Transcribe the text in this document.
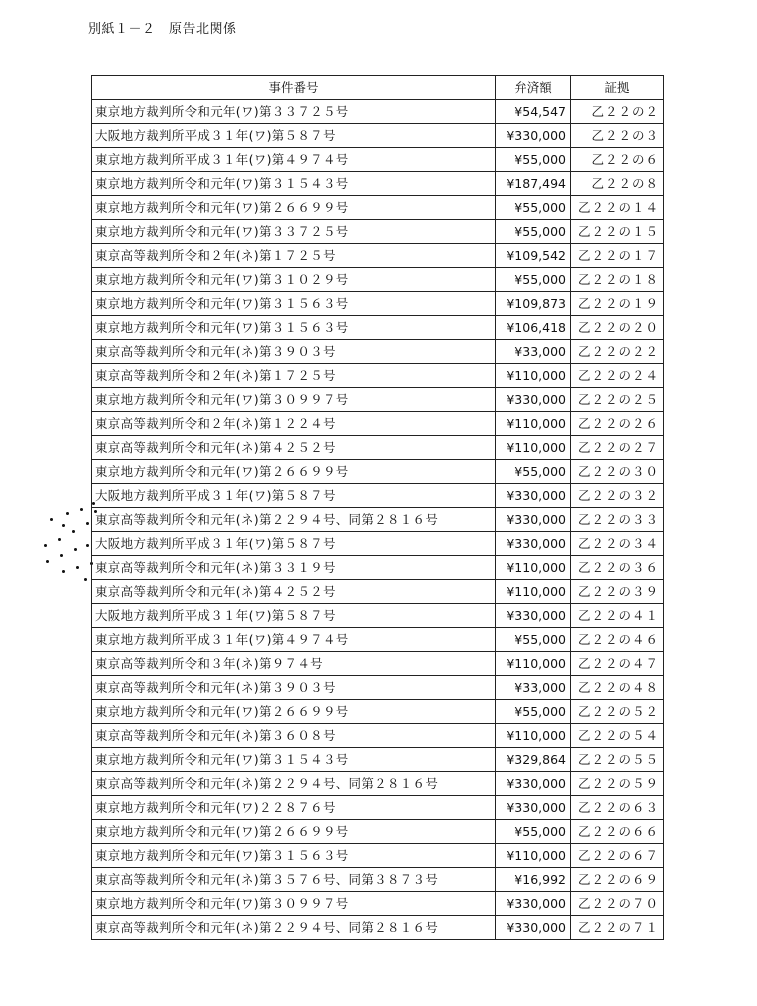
別紙１－２　原告北関係
事件番号	弁済額	証拠
東京地方裁判所令和元年(ワ)第３３７２５号	¥54,547	乙２２の２
大阪地方裁判所平成３１年(ワ)第５８７号	¥330,000	乙２２の３
東京地方裁判所平成３１年(ワ)第４９７４号	¥55,000	乙２２の６
東京地方裁判所令和元年(ワ)第３１５４３号	¥187,494	乙２２の８
東京地方裁判所令和元年(ワ)第２６６９９号	¥55,000	乙２２の１４
東京地方裁判所令和元年(ワ)第３３７２５号	¥55,000	乙２２の１５
東京高等裁判所令和２年(ネ)第１７２５号	¥109,542	乙２２の１７
東京地方裁判所令和元年(ワ)第３１０２９号	¥55,000	乙２２の１８
東京地方裁判所令和元年(ワ)第３１５６３号	¥109,873	乙２２の１９
東京地方裁判所令和元年(ワ)第３１５６３号	¥106,418	乙２２の２０
東京高等裁判所令和元年(ネ)第３９０３号	¥33,000	乙２２の２２
東京高等裁判所令和２年(ネ)第１７２５号	¥110,000	乙２２の２４
東京地方裁判所令和元年(ワ)第３０９９７号	¥330,000	乙２２の２５
東京高等裁判所令和２年(ネ)第１２２４号	¥110,000	乙２２の２６
東京高等裁判所令和元年(ネ)第４２５２号	¥110,000	乙２２の２７
東京地方裁判所令和元年(ワ)第２６６９９号	¥55,000	乙２２の３０
大阪地方裁判所平成３１年(ワ)第５８７号	¥330,000	乙２２の３２
東京高等裁判所令和元年(ネ)第２２９４号、同第２８１６号	¥330,000	乙２２の３３
大阪地方裁判所平成３１年(ワ)第５８７号	¥330,000	乙２２の３４
東京高等裁判所令和元年(ネ)第３３１９号	¥110,000	乙２２の３６
東京高等裁判所令和元年(ネ)第４２５２号	¥110,000	乙２２の３９
大阪地方裁判所平成３１年(ワ)第５８７号	¥330,000	乙２２の４１
東京地方裁判所平成３１年(ワ)第４９７４号	¥55,000	乙２２の４６
東京高等裁判所令和３年(ネ)第９７４号	¥110,000	乙２２の４７
東京高等裁判所令和元年(ネ)第３９０３号	¥33,000	乙２２の４８
東京地方裁判所令和元年(ワ)第２６６９９号	¥55,000	乙２２の５２
東京高等裁判所令和元年(ネ)第３６０８号	¥110,000	乙２２の５４
東京地方裁判所令和元年(ワ)第３１５４３号	¥329,864	乙２２の５５
東京高等裁判所令和元年(ネ)第２２９４号、同第２８１６号	¥330,000	乙２２の５９
東京地方裁判所令和元年(ワ)２２８７６号	¥330,000	乙２２の６３
東京地方裁判所令和元年(ワ)第２６６９９号	¥55,000	乙２２の６６
東京地方裁判所令和元年(ワ)第３１５６３号	¥110,000	乙２２の６７
東京高等裁判所令和元年(ネ)第３５７６号、同第３８７３号	¥16,992	乙２２の６９
東京地方裁判所令和元年(ワ)第３０９９７号	¥330,000	乙２２の７０
東京高等裁判所令和元年(ネ)第２２９４号、同第２８１６号	¥330,000	乙２２の７１
